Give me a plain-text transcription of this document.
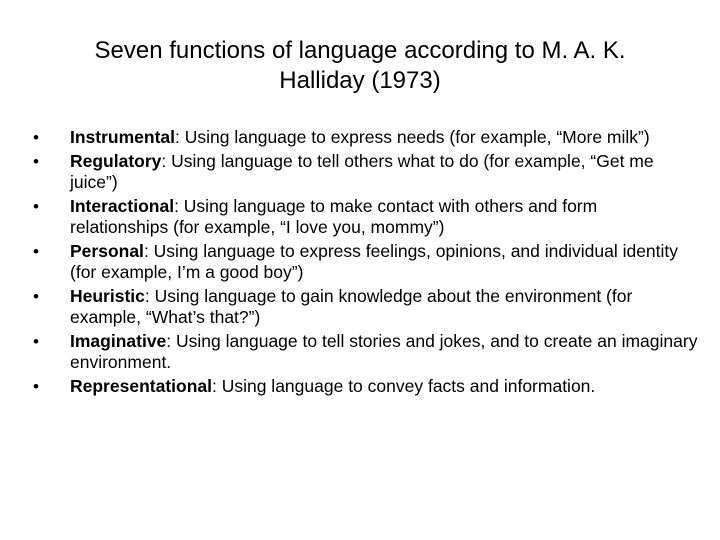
Seven functions of language according to M. A. K. Halliday (1973)
• Instrumental: Using language to express needs (for example, “More milk”)
• Regulatory: Using language to tell others what to do (for example, “Get me juice”)
• Interactional: Using language to make contact with others and form relationships (for example, “I love you, mommy”)
• Personal: Using language to express feelings, opinions, and individual identity (for example, I’m a good boy”)
• Heuristic: Using language to gain knowledge about the environment (for example, “What’s that?”)
• Imaginative: Using language to tell stories and jokes, and to create an imaginary environment.
• Representational: Using language to convey facts and information.
